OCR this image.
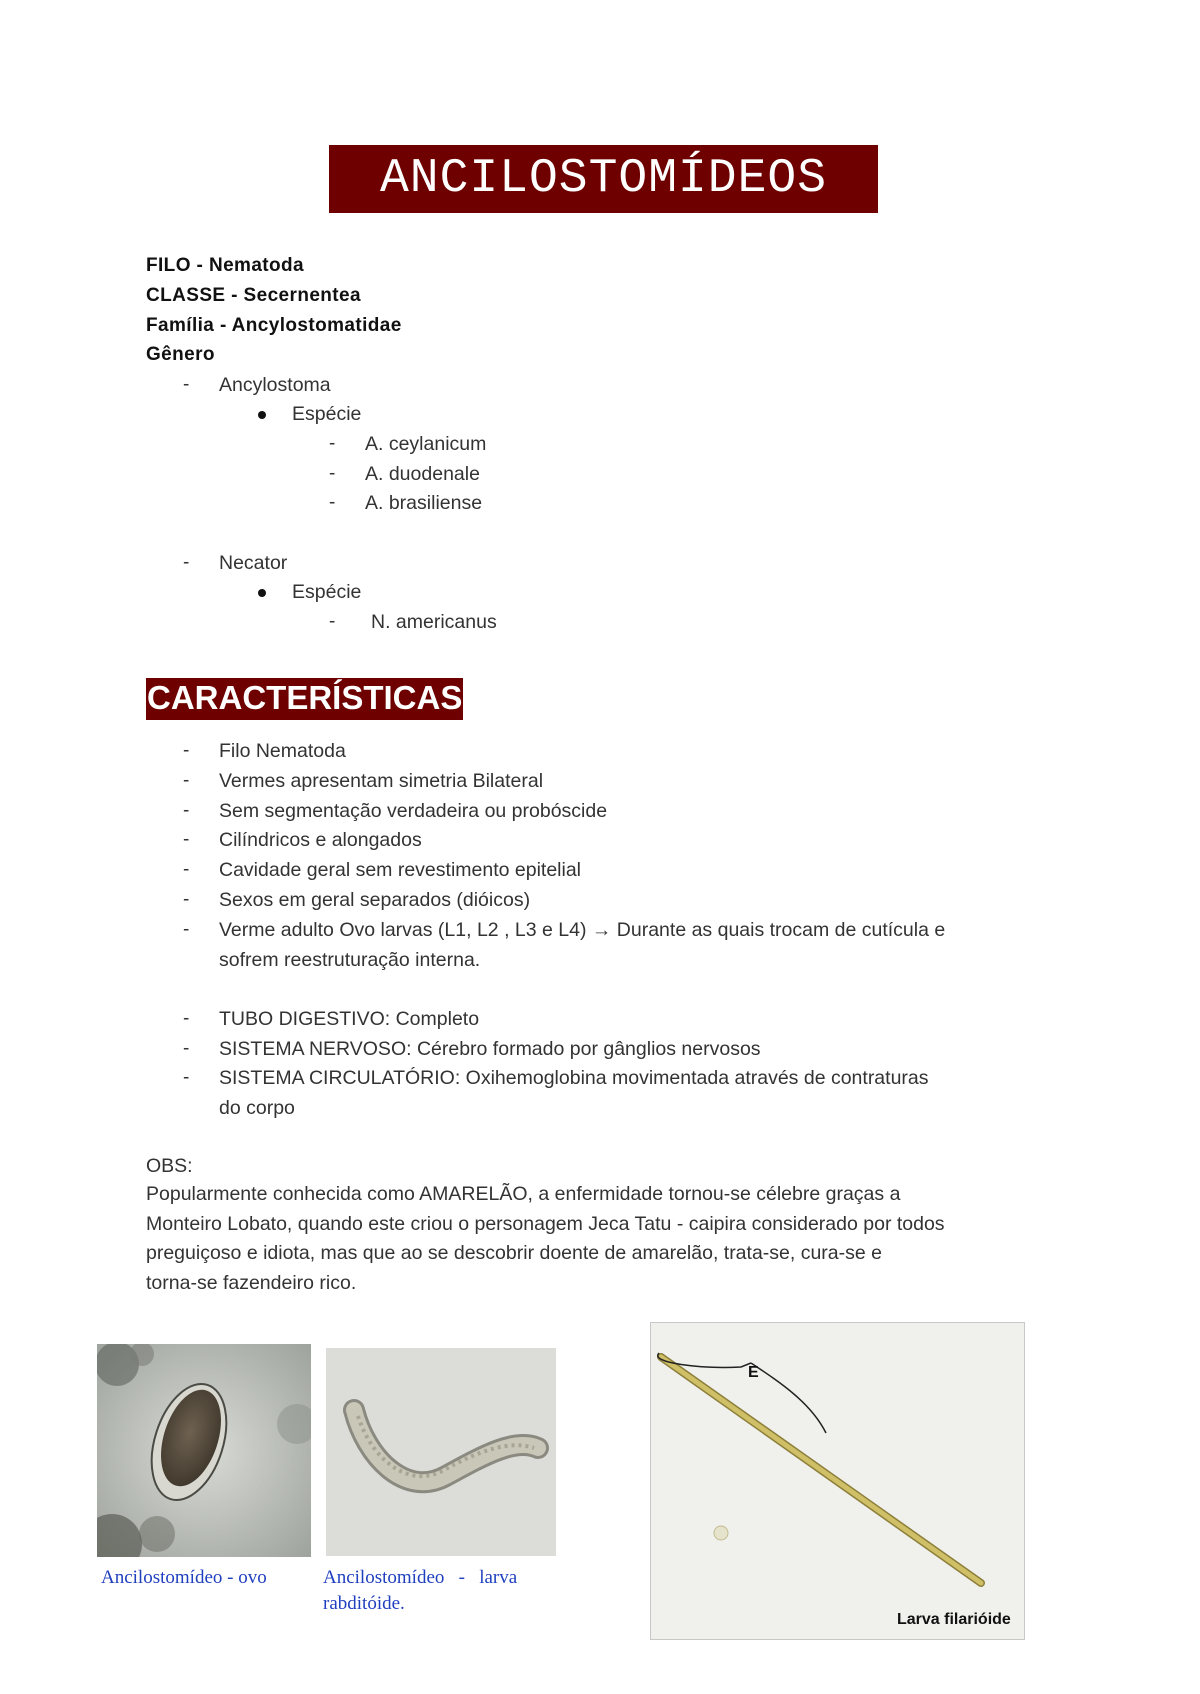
ANCILOSTOMÍDEOS
FILO - Nematoda
CLASSE - Secernentea
Família - Ancylostomatidae
Gênero
- Ancylostoma
Espécie
- A. ceylanicum
- A. duodenale
- A. brasiliense
- Necator
Espécie
- N. americanus
CARACTERÍSTICAS
- Filo Nematoda
- Vermes apresentam simetria Bilateral
- Sem segmentação verdadeira ou probóscide
- Cilíndricos e alongados
- Cavidade geral sem revestimento epitelial
- Sexos em geral separados (dióicos)
- Verme adulto Ovo larvas (L1, L2 , L3 e L4) → Durante as quais trocam de cutícula e
sofrem reestruturação interna.
- TUBO DIGESTIVO: Completo
- SISTEMA NERVOSO: Cérebro formado por gânglios nervosos
- SISTEMA CIRCULATÓRIO: Oxihemoglobina movimentada através de contraturas
do corpo
OBS:
Popularmente conhecida como AMARELÃO, a enfermidade tornou-se célebre graças a
Monteiro Lobato, quando este criou o personagem Jeca Tatu - caipira considerado por todos
preguiçoso e idiota, mas que ao se descobrir doente de amarelão, trata-se, cura-se e
torna-se fazendeiro rico.
Ancilostomídeo - ovo	Ancilostomídeo   -   larva
rabditóide.
E
Larva filarióide
